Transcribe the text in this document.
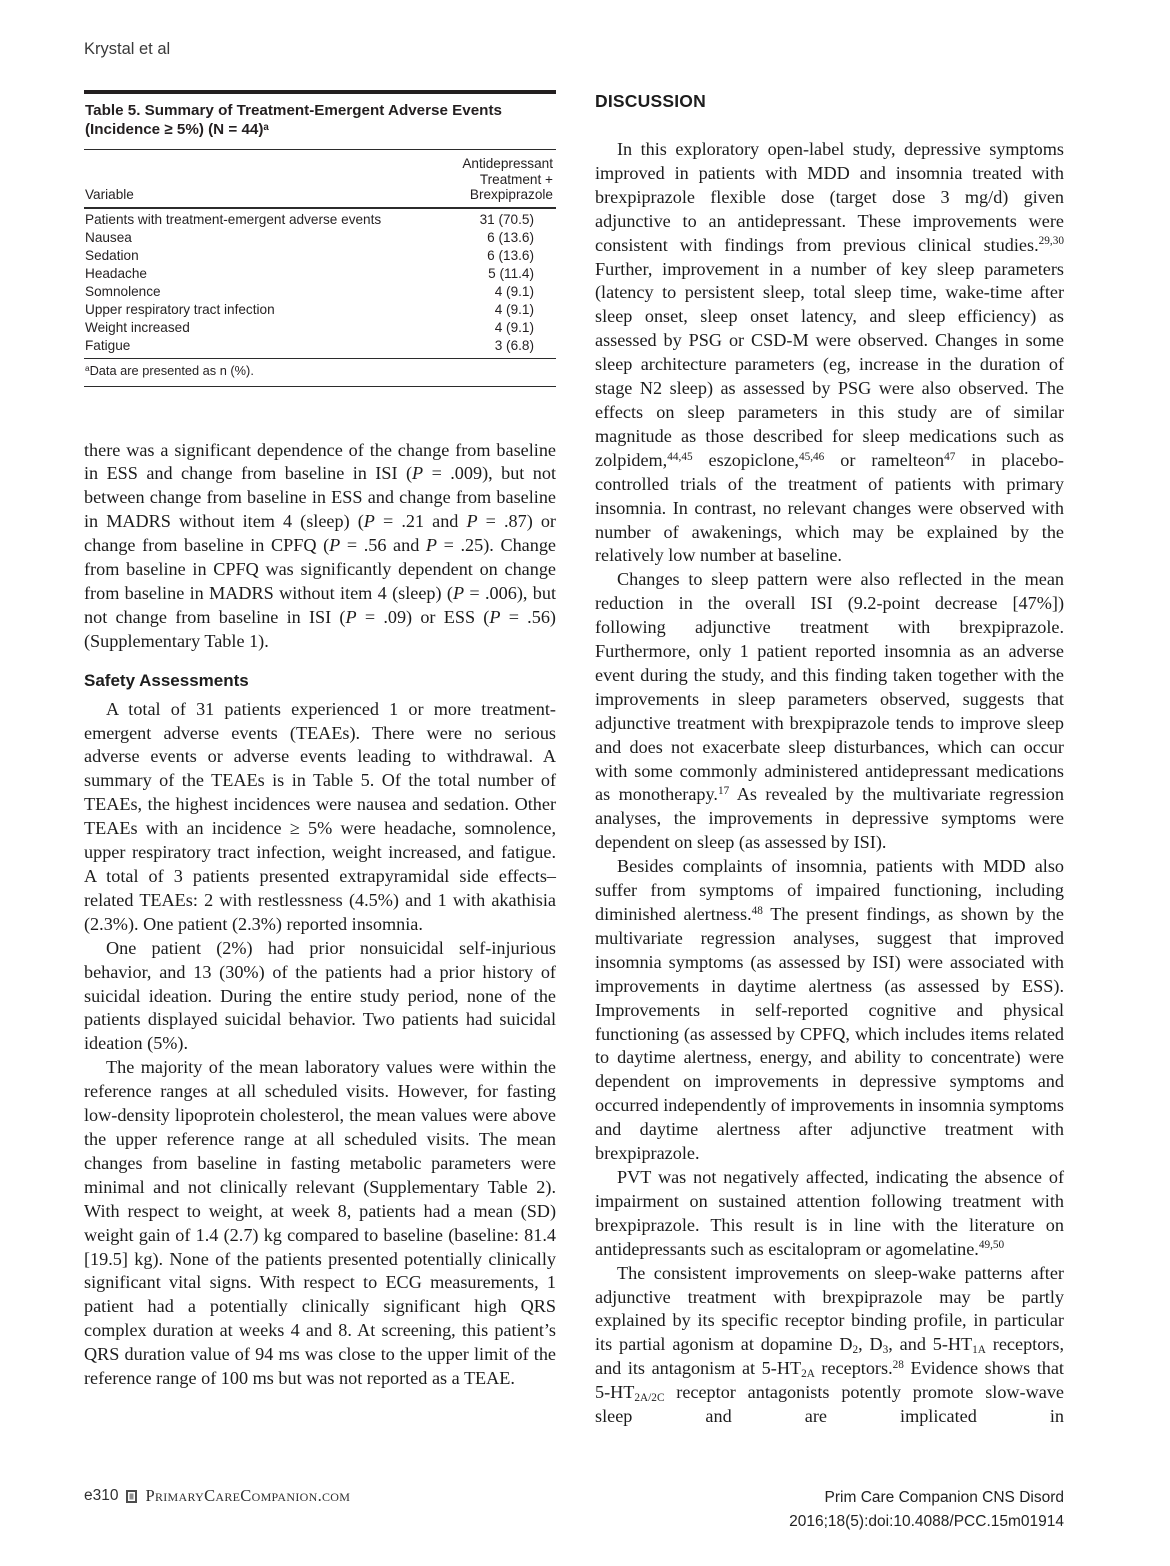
Krystal et al
Table 5. Summary of Treatment-Emergent Adverse Events
(Incidence ≥ 5%) (N = 44)$^a$
Variable
Antidepressant
Treatment +
Brexpiprazole
Patients with treatment-emergent adverse events	31 (70.5)
Nausea	6 (13.6)
Sedation	6 (13.6)
Headache	5 (11.4)
Somnolence	4 (9.1)
Upper respiratory tract infection	4 (9.1)
Weight increased	4 (9.1)
Fatigue	3 (6.8)
$^a$Data are presented as n (%).

there was a significant dependence of the change from baseline in ESS and change from baseline in ISI (P = .009), but not between change from baseline in ESS and change from baseline in MADRS without item 4 (sleep) (P = .21 and P = .87) or change from baseline in CPFQ (P = .56 and P = .25). Change from baseline in CPFQ was significantly dependent on change from baseline in MADRS without item 4 (sleep) (P = .006), but not change from baseline in ISI (P = .09) or ESS (P = .56) (Supplementary Table 1).

Safety Assessments

A total of 31 patients experienced 1 or more treatment-emergent adverse events (TEAEs). There were no serious adverse events or adverse events leading to withdrawal. A summary of the TEAEs is in Table 5. Of the total number of TEAEs, the highest incidences were nausea and sedation. Other TEAEs with an incidence ≥ 5% were headache, somnolence, upper respiratory tract infection, weight increased, and fatigue. A total of 3 patients presented extrapyramidal side effects–related TEAEs: 2 with restlessness (4.5%) and 1 with akathisia (2.3%). One patient (2.3%) reported insomnia.

One patient (2%) had prior nonsuicidal self-injurious behavior, and 13 (30%) of the patients had a prior history of suicidal ideation. During the entire study period, none of the patients displayed suicidal behavior. Two patients had suicidal ideation (5%).

The majority of the mean laboratory values were within the reference ranges at all scheduled visits. However, for fasting low-density lipoprotein cholesterol, the mean values were above the upper reference range at all scheduled visits. The mean changes from baseline in fasting metabolic parameters were minimal and not clinically relevant (Supplementary Table 2). With respect to weight, at week 8, patients had a mean (SD) weight gain of 1.4 (2.7) kg compared to baseline (baseline: 81.4 [19.5] kg). None of the patients presented potentially clinically significant vital signs. With respect to ECG measurements, 1 patient had a potentially clinically significant high QRS complex duration at weeks 4 and 8. At screening, this patient’s QRS duration value of 94 ms was close to the upper limit of the reference range of 100 ms but was not reported as a TEAE.

DISCUSSION

In this exploratory open-label study, depressive symptoms improved in patients with MDD and insomnia treated with brexpiprazole flexible dose (target dose 3 mg/d) given adjunctive to an antidepressant. These improvements were consistent with findings from previous clinical studies.$^{29,30}$ Further, improvement in a number of key sleep parameters (latency to persistent sleep, total sleep time, wake-time after sleep onset, sleep onset latency, and sleep efficiency) as assessed by PSG or CSD-M were observed. Changes in some sleep architecture parameters (eg, increase in the duration of stage N2 sleep) as assessed by PSG were also observed. The effects on sleep parameters in this study are of similar magnitude as those described for sleep medications such as zolpidem,$^{44,45}$ eszopiclone,$^{45,46}$ or ramelteon$^{47}$ in placebo-controlled trials of the treatment of patients with primary insomnia. In contrast, no relevant changes were observed with number of awakenings, which may be explained by the relatively low number at baseline.

Changes to sleep pattern were also reflected in the mean reduction in the overall ISI (9.2-point decrease [47%]) following adjunctive treatment with brexpiprazole. Furthermore, only 1 patient reported insomnia as an adverse event during the study, and this finding taken together with the improvements in sleep parameters observed, suggests that adjunctive treatment with brexpiprazole tends to improve sleep and does not exacerbate sleep disturbances, which can occur with some commonly administered antidepressant medications as monotherapy.$^{17}$ As revealed by the multivariate regression analyses, the improvements in depressive symptoms were dependent on sleep (as assessed by ISI).

Besides complaints of insomnia, patients with MDD also suffer from symptoms of impaired functioning, including diminished alertness.$^{48}$ The present findings, as shown by the multivariate regression analyses, suggest that improved insomnia symptoms (as assessed by ISI) were associated with improvements in daytime alertness (as assessed by ESS). Improvements in self-reported cognitive and physical functioning (as assessed by CPFQ, which includes items related to daytime alertness, energy, and ability to concentrate) were dependent on improvements in depressive symptoms and occurred independently of improvements in insomnia symptoms and daytime alertness after adjunctive treatment with brexpiprazole.

PVT was not negatively affected, indicating the absence of impairment on sustained attention following treatment with brexpiprazole. This result is in line with the literature on antidepressants such as escitalopram or agomelatine.$^{49,50}$

The consistent improvements on sleep-wake patterns after adjunctive treatment with brexpiprazole may be partly explained by its specific receptor binding profile, in particular its partial agonism at dopamine $D_2$, $D_3$, and $5-HT_{1A}$ receptors, and its antagonism at $5-HT_{2A}$ receptors.$^{28}$ Evidence shows that $5-HT_{2A/2C}$ receptor antagonists potently promote slow-wave sleep and are implicated in

e310 PrimaryCareCompanion.com	Prim Care Companion CNS Disord
2016;18(5):doi:10.4088/PCC.15m01914
